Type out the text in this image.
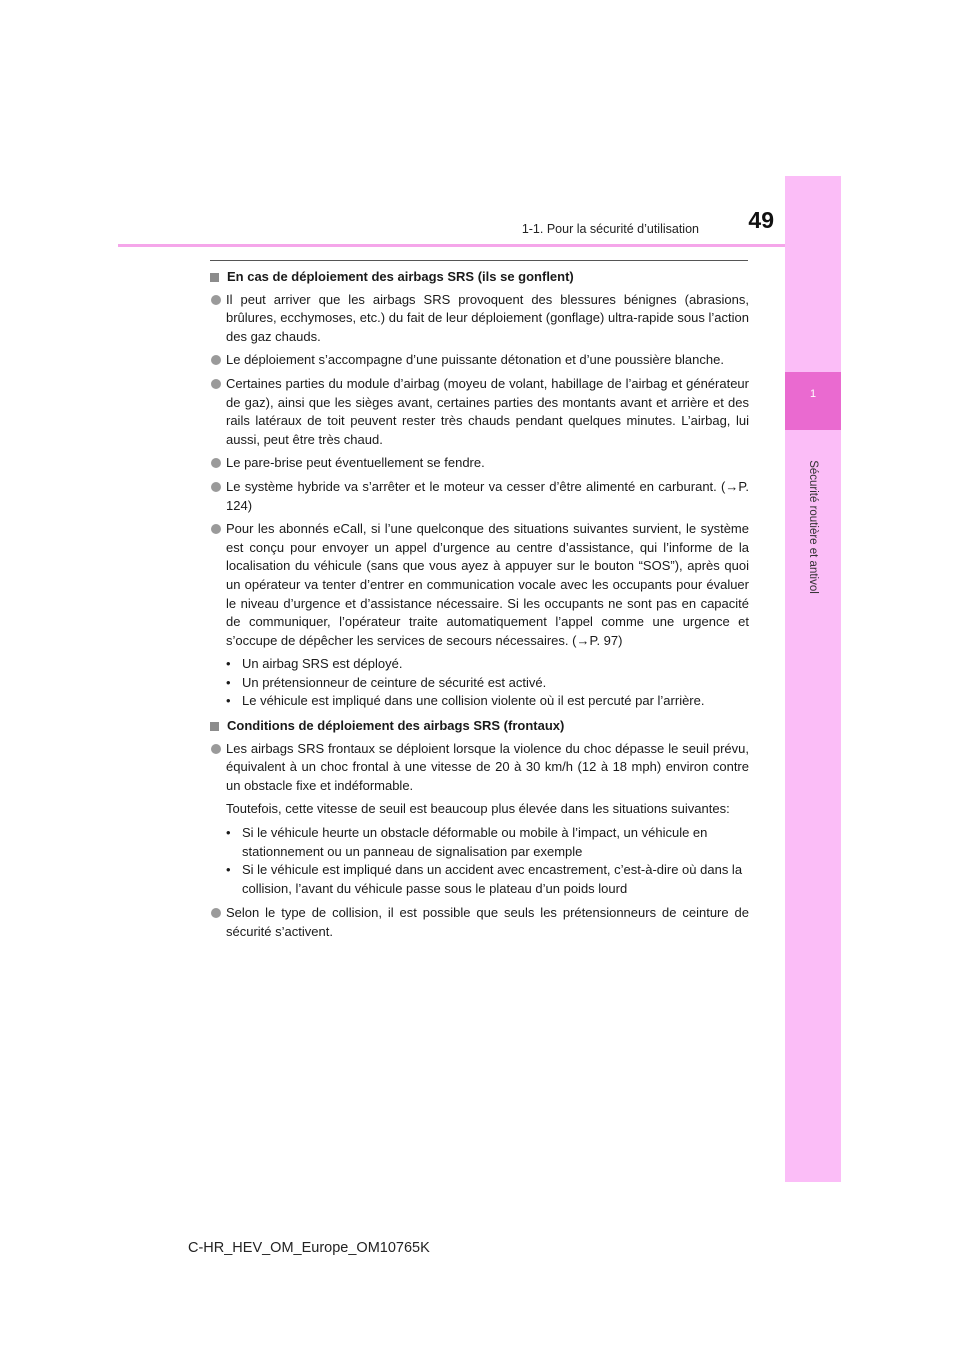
1
Sécurité routière et antivol
1-1. Pour la sécurité d’utilisation 49
En cas de déploiement des airbags SRS (ils se gonflent)
Il peut arriver que les airbags SRS provoquent des blessures bénignes (abrasions, brûlures, ecchymoses, etc.) du fait de leur déploiement (gonflage) ultra-rapide sous l’action des gaz chauds.
Le déploiement s’accompagne d’une puissante détonation et d’une poussière blanche.
Certaines parties du module d’airbag (moyeu de volant, habillage de l’airbag et générateur de gaz), ainsi que les sièges avant, certaines parties des montants avant et arrière et des rails latéraux de toit peuvent rester très chauds pendant quelques minutes. L’airbag, lui aussi, peut être très chaud.
Le pare-brise peut éventuellement se fendre.
Le système hybride va s’arrêter et le moteur va cesser d’être alimenté en carburant. (→P. 124)
Pour les abonnés eCall, si l’une quelconque des situations suivantes survient, le système est conçu pour envoyer un appel d’urgence au centre d’assistance, qui l’informe de la localisation du véhicule (sans que vous ayez à appuyer sur le bouton “SOS”), après quoi un opérateur va tenter d’entrer en communication vocale avec les occupants pour évaluer le niveau d’urgence et d’assistance nécessaire. Si les occupants ne sont pas en capacité de communiquer, l’opérateur traite automatiquement l’appel comme une urgence et s’occupe de dépêcher les services de secours nécessaires. (→P. 97)
• Un airbag SRS est déployé.
• Un prétensionneur de ceinture de sécurité est activé.
• Le véhicule est impliqué dans une collision violente où il est percuté par l’arrière.
Conditions de déploiement des airbags SRS (frontaux)
Les airbags SRS frontaux se déploient lorsque la violence du choc dépasse le seuil prévu, équivalent à un choc frontal à une vitesse de 20 à 30 km/h (12 à 18 mph) environ contre un obstacle fixe et indéformable.
Toutefois, cette vitesse de seuil est beaucoup plus élevée dans les situations suivantes:
• Si le véhicule heurte un obstacle déformable ou mobile à l’impact, un véhicule en stationnement ou un panneau de signalisation par exemple
• Si le véhicule est impliqué dans un accident avec encastrement, c’est-à-dire où dans la collision, l’avant du véhicule passe sous le plateau d’un poids lourd
Selon le type de collision, il est possible que seuls les prétensionneurs de ceinture de sécurité s’activent.
C-HR_HEV_OM_Europe_OM10765K
